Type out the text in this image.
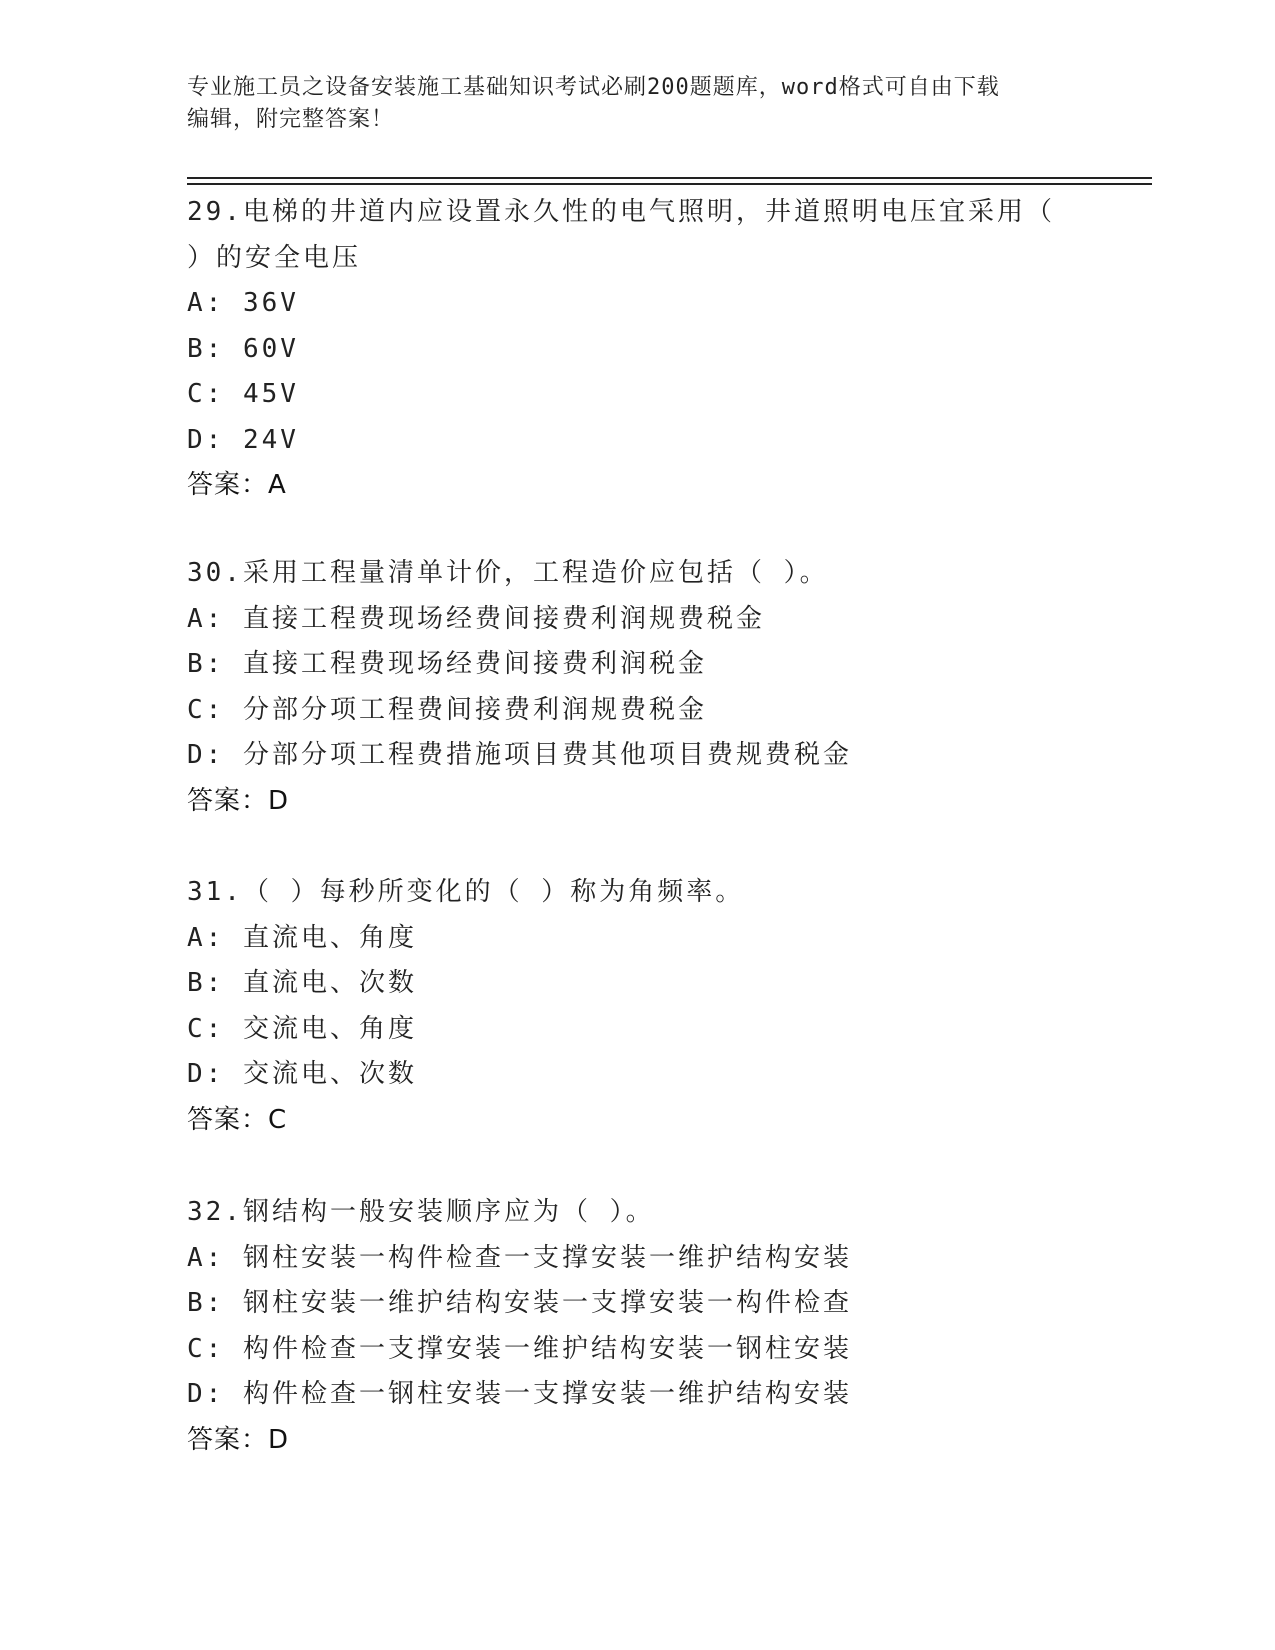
专业施工员之设备安装施工基础知识考试必刷200题题库，word格式可自由下载
编辑，附完整答案！
29.电梯的井道内应设置永久性的电气照明，井道照明电压宜采用（
）的安全电压
A: 36V
B: 60V
C: 45V
D: 24V
答案：A
30.采用工程量清单计价，工程造价应包括（ ）。
A: 直接工程费现场经费间接费利润规费税金
B: 直接工程费现场经费间接费利润税金
C: 分部分项工程费间接费利润规费税金
D: 分部分项工程费措施项目费其他项目费规费税金
答案：D
31.（ ）每秒所变化的（ ）称为角频率。
A: 直流电、角度
B: 直流电、次数
C: 交流电、角度
D: 交流电、次数
答案：C
32.钢结构一般安装顺序应为（ ）。
A: 钢柱安装一构件检查一支撑安装一维护结构安装
B: 钢柱安装一维护结构安装一支撑安装一构件检查
C: 构件检查一支撑安装一维护结构安装一钢柱安装
D: 构件检查一钢柱安装一支撑安装一维护结构安装
答案：D
